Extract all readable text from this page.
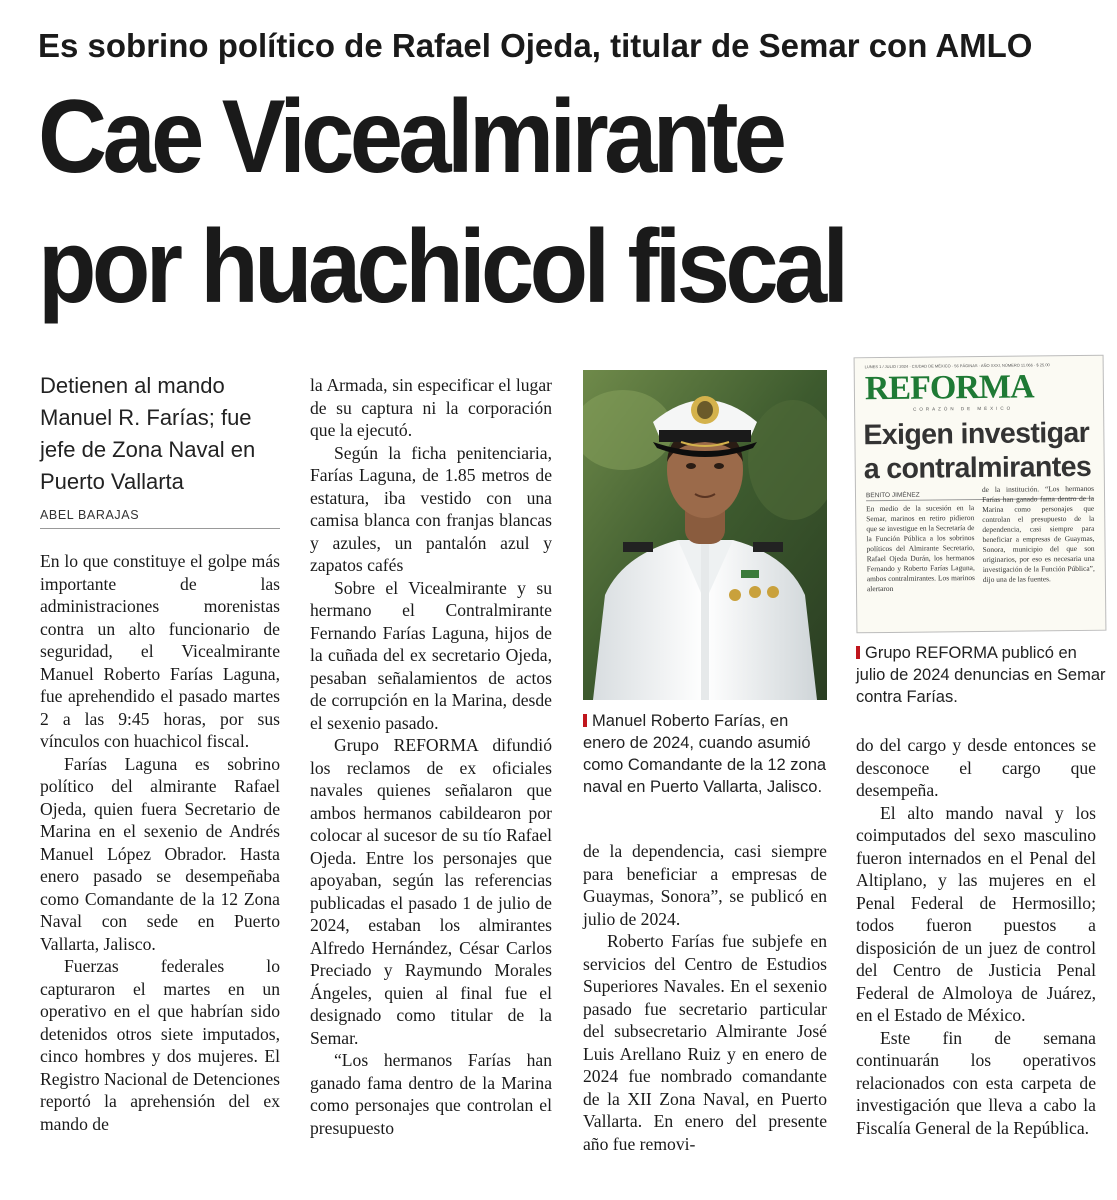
Es sobrino político de Rafael Ojeda, titular de Semar con AMLO
Cae Vicealmirante
por huachicol fiscal
Detienen al mando Manuel R. Farías; fue jefe de Zona Naval en Puerto Vallarta
ABEL BARAJAS

En lo que constituye el golpe más importante de las administraciones morenistas contra un alto funcionario de seguridad, el Vicealmirante Manuel Roberto Farías Laguna, fue aprehendido el pasado martes 2 a las 9:45 horas, por sus vínculos con huachicol fiscal.

Farías Laguna es sobrino político del almirante Rafael Ojeda, quien fuera Secretario de Marina en el sexenio de Andrés Manuel López Obrador. Hasta enero pasado se desempeñaba como Comandante de la 12 Zona Naval con sede en Puerto Vallarta, Jalisco.

Fuerzas federales lo capturaron el martes en un operativo en el que habrían sido detenidos otros siete imputados, cinco hombres y dos mujeres. El Registro Nacional de Detenciones reportó la aprehensión del ex mando de

la Armada, sin especificar el lugar de su captura ni la corporación que la ejecutó.

Según la ficha penitenciaria, Farías Laguna, de 1.85 metros de estatura, iba vestido con una camisa blanca con franjas blancas y azules, un pantalón azul y zapatos cafés

Sobre el Vicealmirante y su hermano el Contralmirante Fernando Farías Laguna, hijos de la cuñada del ex secretario Ojeda, pesaban señalamientos de actos de corrupción en la Marina, desde el sexenio pasado.

Grupo REFORMA difundió los reclamos de ex oficiales navales quienes señalaron que ambos hermanos cabildearon por colocar al sucesor de su tío Rafael Ojeda. Entre los personajes que apoyaban, según las referencias publicadas el pasado 1 de julio de 2024, estaban los almirantes Alfredo Hernández, César Carlos Preciado y Raymundo Morales Ángeles, quien al final fue el designado como titular de la Semar.

“Los hermanos Farías han ganado fama dentro de la Marina como personajes que controlan el presupuesto

Manuel Roberto Farías, en enero de 2024, cuando asumió como Comandante de la 12 zona naval en Puerto Vallarta, Jalisco.

de la dependencia, casi siempre para beneficiar a empresas de Guaymas, Sonora”, se publicó en julio de 2024.

Roberto Farías fue subjefe en servicios del Centro de Estudios Superiores Navales. En el sexenio pasado fue secretario particular del subsecretario Almirante José Luis Arellano Ruiz y en enero de 2024 fue nombrado comandante de la XII Zona Naval, en Puerto Vallarta. En enero del presente año fue removi-

LUNES 1 / JULIO / 2024 · CIUDAD DE MÉXICO · 56 PÁGINAS · AÑO XXXI, NÚMERO 11.066 · $ 25.00
REFORMA
CORAZÓN DE MÉXICO
Exigen investigar
a contralmirantes
BENITO JIMÉNEZ
En medio de la sucesión en la Semar, marinos en retiro pidieron que se investigue en la Secretaría de la Función Pública a los sobrinos políticos del Almirante Secretario, Rafael Ojeda Durán, los hermanos Fernando y Roberto Farías Laguna, ambos contralmirantes. Los marinos alertaron
de la institución. “Los hermanos Farías han ganado fama dentro de la Marina como personajes que controlan el presupuesto de la dependencia, casi siempre para beneficiar a empresas de Guaymas, Sonora, municipio del que son originarios, por eso es necesaria una investigación de la Función Pública”, dijo una de las fuentes.
Grupo REFORMA publicó en julio de 2024 denuncias en Semar contra Farías.

do del cargo y desde entonces se desconoce el cargo que desempeña.

El alto mando naval y los coimputados del sexo masculino fueron internados en el Penal del Altiplano, y las mujeres en el Penal Federal de Hermosillo; todos fueron puestos a disposición de un juez de control del Centro de Justicia Penal Federal de Almoloya de Juárez, en el Estado de México.

Este fin de semana continuarán los operativos relacionados con esta carpeta de investigación que lleva a cabo la Fiscalía General de la República.
